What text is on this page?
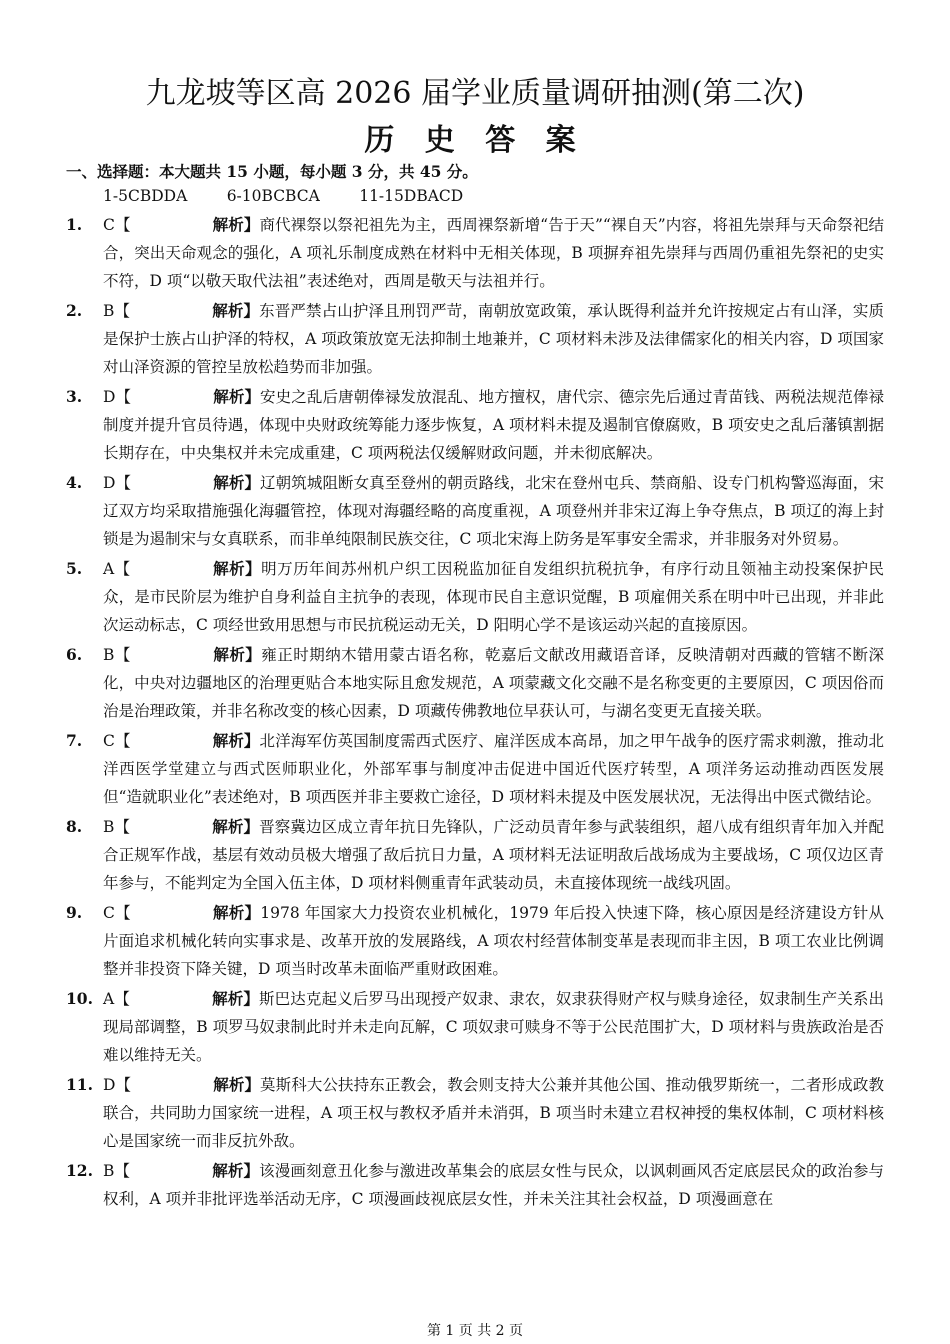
九龙坡等区高 2026 届学业质量调研抽测(第二次)
历 史 答 案
一、选择题：本大题共 15 小题，每小题 3 分，共 45 分。
1-5CBDDA	6-10BCBCA	11-15DBACD
1. C【	解析】商代裸祭以祭祀祖先为主，西周裸祭新增“告于天”“裸自天”内容，将祖先崇拜与天命祭祀结合，突出天命观念的强化，A 项礼乐制度成熟在材料中无相关体现，B 项摒弃祖先崇拜与西周仍重祖先祭祀的史实不符，D 项“以敬天取代法祖”表述绝对，西周是敬天与法祖并行。
2. B【	解析】东晋严禁占山护泽且刑罚严苛，南朝放宽政策，承认既得利益并允许按规定占有山泽，实质是保护士族占山护泽的特权，A 项政策放宽无法抑制土地兼并，C 项材料未涉及法律儒家化的相关内容，D 项国家对山泽资源的管控呈放松趋势而非加强。
3. D【	解析】安史之乱后唐朝俸禄发放混乱、地方擅权，唐代宗、德宗先后通过青苗钱、两税法规范俸禄制度并提升官员待遇，体现中央财政统筹能力逐步恢复，A 项材料未提及遏制官僚腐败，B 项安史之乱后藩镇割据长期存在，中央集权并未完成重建，C 项两税法仅缓解财政问题，并未彻底解决。
4. D【	解析】辽朝筑城阻断女真至登州的朝贡路线，北宋在登州屯兵、禁商船、设专门机构警巡海面，宋辽双方均采取措施强化海疆管控，体现对海疆经略的高度重视，A 项登州并非宋辽海上争夺焦点，B 项辽的海上封锁是为遏制宋与女真联系，而非单纯限制民族交往，C 项北宋海上防务是军事安全需求，并非服务对外贸易。
5. A【	解析】明万历年间苏州机户织工因税监加征自发组织抗税抗争，有序行动且领袖主动投案保护民众，是市民阶层为维护自身利益自主抗争的表现，体现市民自主意识觉醒，B 项雇佣关系在明中叶已出现，并非此次运动标志，C 项经世致用思想与市民抗税运动无关，D 阳明心学不是该运动兴起的直接原因。
6. B【	解析】雍正时期纳木错用蒙古语名称，乾嘉后文献改用藏语音译，反映清朝对西藏的管辖不断深化，中央对边疆地区的治理更贴合本地实际且愈发规范，A 项蒙藏文化交融不是名称变更的主要原因，C 项因俗而治是治理政策，并非名称改变的核心因素，D 项藏传佛教地位早获认可，与湖名变更无直接关联。
7. C【	解析】北洋海军仿英国制度需西式医疗、雇洋医成本高昂，加之甲午战争的医疗需求刺激，推动北洋西医学堂建立与西式医师职业化，外部军事与制度冲击促进中国近代医疗转型，A 项洋务运动推动西医发展但“造就职业化”表述绝对，B 项西医并非主要救亡途径，D 项材料未提及中医发展状况，无法得出中医式微结论。
8. B【	解析】晋察冀边区成立青年抗日先锋队，广泛动员青年参与武装组织，超八成有组织青年加入并配合正规军作战，基层有效动员极大增强了敌后抗日力量，A 项材料无法证明敌后战场成为主要战场，C 项仅边区青年参与，不能判定为全国入伍主体，D 项材料侧重青年武装动员，未直接体现统一战线巩固。
9. C【	解析】1978 年国家大力投资农业机械化，1979 年后投入快速下降，核心原因是经济建设方针从片面追求机械化转向实事求是、改革开放的发展路线，A 项农村经营体制变革是表现而非主因，B 项工农业比例调整并非投资下降关键，D 项当时改革未面临严重财政困难。
10. A【	解析】斯巴达克起义后罗马出现授产奴隶、隶农，奴隶获得财产权与赎身途径，奴隶制生产关系出现局部调整，B 项罗马奴隶制此时并未走向瓦解，C 项奴隶可赎身不等于公民范围扩大，D 项材料与贵族政治是否难以维持无关。
11. D【	解析】莫斯科大公扶持东正教会，教会则支持大公兼并其他公国、推动俄罗斯统一，二者形成政教联合，共同助力国家统一进程，A 项王权与教权矛盾并未消弭，B 项当时未建立君权神授的集权体制，C 项材料核心是国家统一而非反抗外敌。
12. B【	解析】该漫画刻意丑化参与激进改革集会的底层女性与民众，以讽刺画风否定底层民众的政治参与权利，A 项并非批评选举活动无序，C 项漫画歧视底层女性，并未关注其社会权益，D 项漫画意在
第 1 页 共 2 页
